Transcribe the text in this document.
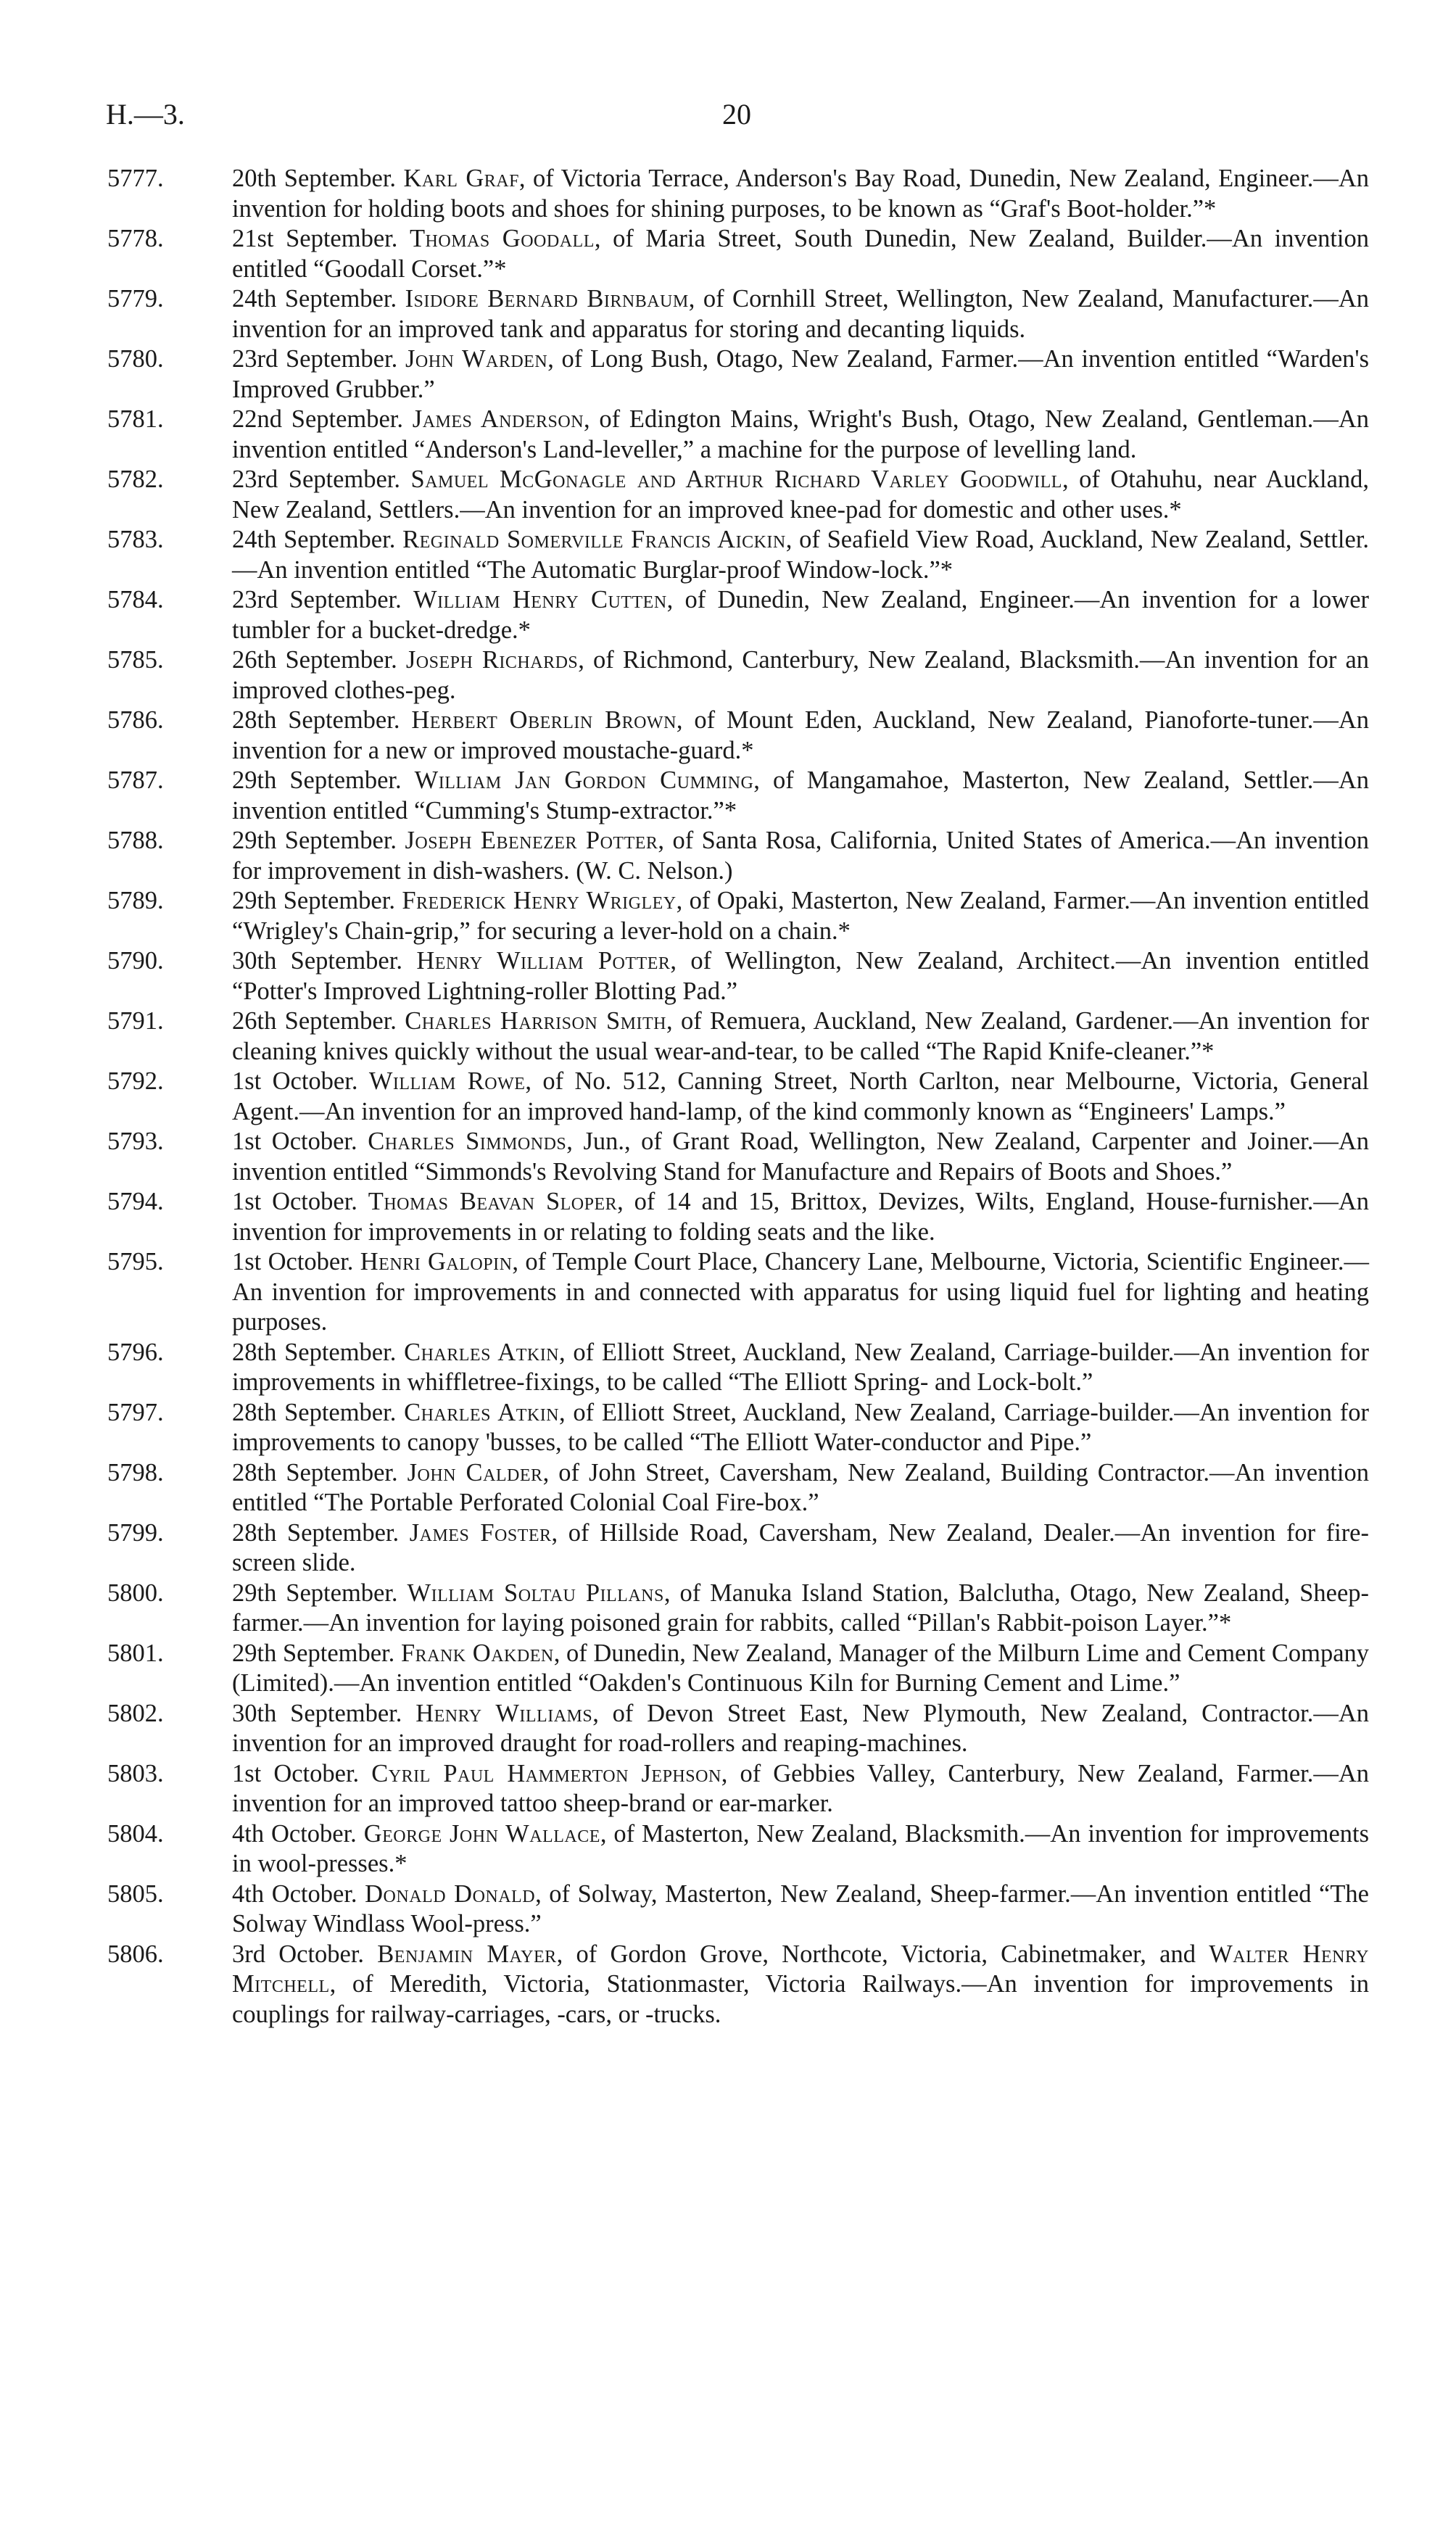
H.—3.	20
5777.	20th September. Karl Graf, of Victoria Terrace, Anderson's Bay Road, Dunedin, New Zealand, Engineer.—An invention for holding boots and shoes for shining purposes, to be known as “Graf's Boot-holder.”*
5778.	21st September. Thomas Goodall, of Maria Street, South Dunedin, New Zealand, Builder.—An invention entitled “Goodall Corset.”*
5779.	24th September. Isidore Bernard Birnbaum, of Cornhill Street, Wellington, New Zealand, Manufacturer.—An invention for an improved tank and apparatus for storing and decanting liquids.
5780.	23rd September. John Warden, of Long Bush, Otago, New Zealand, Farmer.—An invention entitled “Warden's Improved Grubber.”
5781.	22nd September. James Anderson, of Edington Mains, Wright's Bush, Otago, New Zealand, Gentleman.—An invention entitled “Anderson's Land-leveller,” a machine for the purpose of levelling land.
5782.	23rd September. Samuel McGonagle and Arthur Richard Varley Goodwill, of Otahuhu, near Auckland, New Zealand, Settlers.—An invention for an improved knee-pad for domestic and other uses.*
5783.	24th September. Reginald Somerville Francis Aickin, of Seafield View Road, Auckland, New Zealand, Settler.—An invention entitled “The Automatic Burglar-proof Window-lock.”*
5784.	23rd September. William Henry Cutten, of Dunedin, New Zealand, Engineer.—An invention for a lower tumbler for a bucket-dredge.*
5785.	26th September. Joseph Richards, of Richmond, Canterbury, New Zealand, Blacksmith.—An invention for an improved clothes-peg.
5786.	28th September. Herbert Oberlin Brown, of Mount Eden, Auckland, New Zealand, Pianoforte-tuner.—An invention for a new or improved moustache-guard.*
5787.	29th September. William Jan Gordon Cumming, of Mangamahoe, Masterton, New Zealand, Settler.—An invention entitled “Cumming's Stump-extractor.”*
5788.	29th September. Joseph Ebenezer Potter, of Santa Rosa, California, United States of America.—An invention for improvement in dish-washers. (W. C. Nelson.)
5789.	29th September. Frederick Henry Wrigley, of Opaki, Masterton, New Zealand, Farmer.—An invention entitled “Wrigley's Chain-grip,” for securing a lever-hold on a chain.*
5790.	30th September. Henry William Potter, of Wellington, New Zealand, Architect.—An invention entitled “Potter's Improved Lightning-roller Blotting Pad.”
5791.	26th September. Charles Harrison Smith, of Remuera, Auckland, New Zealand, Gardener.—An invention for cleaning knives quickly without the usual wear-and-tear, to be called “The Rapid Knife-cleaner.”*
5792.	1st October. William Rowe, of No. 512, Canning Street, North Carlton, near Melbourne, Victoria, General Agent.—An invention for an improved hand-lamp, of the kind commonly known as “Engineers' Lamps.”
5793.	1st October. Charles Simmonds, Jun., of Grant Road, Wellington, New Zealand, Carpenter and Joiner.—An invention entitled “Simmonds's Revolving Stand for Manufacture and Repairs of Boots and Shoes.”
5794.	1st October. Thomas Beavan Sloper, of 14 and 15, Brittox, Devizes, Wilts, England, House-furnisher.—An invention for improvements in or relating to folding seats and the like.
5795.	1st October. Henri Galopin, of Temple Court Place, Chancery Lane, Melbourne, Victoria, Scientific Engineer.—An invention for improvements in and connected with apparatus for using liquid fuel for lighting and heating purposes.
5796.	28th September. Charles Atkin, of Elliott Street, Auckland, New Zealand, Carriage-builder.—An invention for improvements in whiffletree-fixings, to be called “The Elliott Spring- and Lock-bolt.”
5797.	28th September. Charles Atkin, of Elliott Street, Auckland, New Zealand, Carriage-builder.—An invention for improvements to canopy 'busses, to be called “The Elliott Water-conductor and Pipe.”
5798.	28th September. John Calder, of John Street, Caversham, New Zealand, Building Contractor.—An invention entitled “The Portable Perforated Colonial Coal Fire-box.”
5799.	28th September. James Foster, of Hillside Road, Caversham, New Zealand, Dealer.—An invention for fire-screen slide.
5800.	29th September. William Soltau Pillans, of Manuka Island Station, Balclutha, Otago, New Zealand, Sheep-farmer.—An invention for laying poisoned grain for rabbits, called “Pillan's Rabbit-poison Layer.”*
5801.	29th September. Frank Oakden, of Dunedin, New Zealand, Manager of the Milburn Lime and Cement Company (Limited).—An invention entitled “Oakden's Continuous Kiln for Burning Cement and Lime.”
5802.	30th September. Henry Williams, of Devon Street East, New Plymouth, New Zealand, Contractor.—An invention for an improved draught for road-rollers and reaping-machines.
5803.	1st October. Cyril Paul Hammerton Jephson, of Gebbies Valley, Canterbury, New Zealand, Farmer.—An invention for an improved tattoo sheep-brand or ear-marker.
5804.	4th October. George John Wallace, of Masterton, New Zealand, Blacksmith.—An invention for improvements in wool-presses.*
5805.	4th October. Donald Donald, of Solway, Masterton, New Zealand, Sheep-farmer.—An invention entitled “The Solway Windlass Wool-press.”
5806.	3rd October. Benjamin Mayer, of Gordon Grove, Northcote, Victoria, Cabinetmaker, and Walter Henry Mitchell, of Meredith, Victoria, Stationmaster, Victoria Railways.—An invention for improvements in couplings for railway-carriages, -cars, or -trucks.
